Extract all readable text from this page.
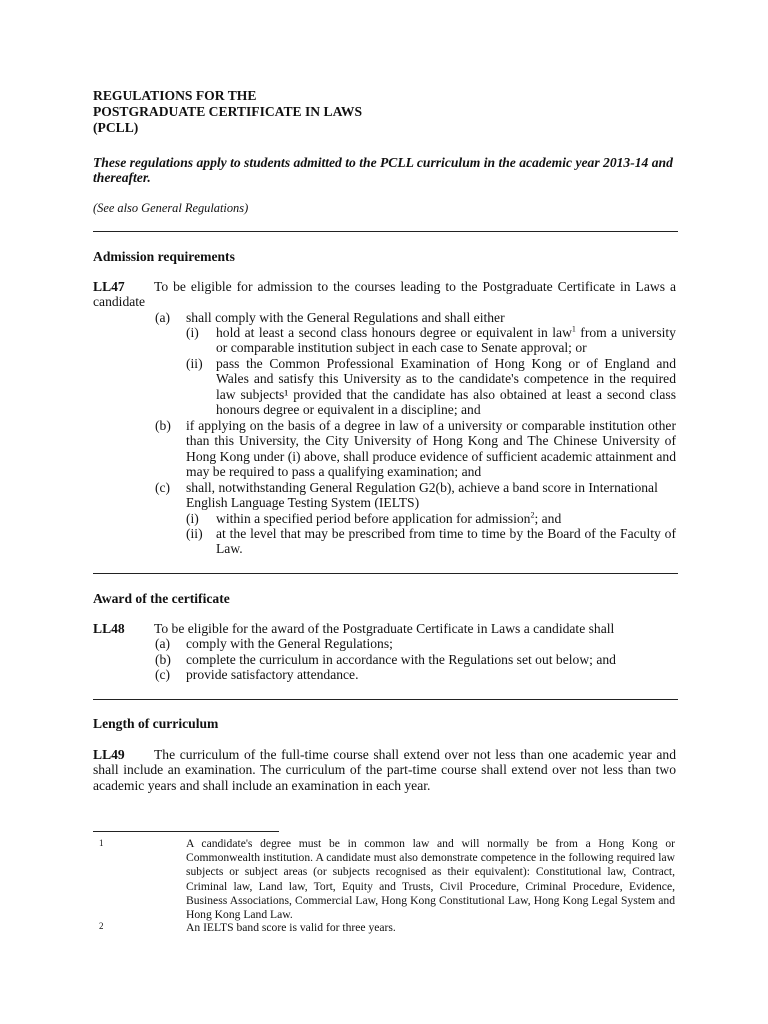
REGULATIONS FOR THE
POSTGRADUATE CERTIFICATE IN LAWS
(PCLL)
These regulations apply to students admitted to the PCLL curriculum in the academic year 2013-14 and thereafter.
(See also General Regulations)
Admission requirements
LL47 To be eligible for admission to the courses leading to the Postgraduate Certificate in Laws a candidate
(a) shall comply with the General Regulations and shall either
(i) hold at least a second class honours degree or equivalent in law$^1$ from a university or comparable institution subject in each case to Senate approval; or
(ii) pass the Common Professional Examination of Hong Kong or of England and Wales and satisfy this University as to the candidate's competence in the required law subjects¹ provided that the candidate has also obtained at least a second class honours degree or equivalent in a discipline; and
(b) if applying on the basis of a degree in law of a university or comparable institution other than this University, the City University of Hong Kong and The Chinese University of Hong Kong under (i) above, shall produce evidence of sufficient academic attainment and may be required to pass a qualifying examination; and
(c) shall, notwithstanding General Regulation G2(b), achieve a band score in International English Language Testing System (IELTS)
(i) within a specified period before application for admission$^2$; and
(ii) at the level that may be prescribed from time to time by the Board of the Faculty of Law.
Award of the certificate
LL48 To be eligible for the award of the Postgraduate Certificate in Laws a candidate shall
(a) comply with the General Regulations;
(b) complete the curriculum in accordance with the Regulations set out below; and
(c) provide satisfactory attendance.
Length of curriculum
LL49 The curriculum of the full-time course shall extend over not less than one academic year and shall include an examination. The curriculum of the part-time course shall extend over not less than two academic years and shall include an examination in each year.
1	A candidate's degree must be in common law and will normally be from a Hong Kong or Commonwealth institution. A candidate must also demonstrate competence in the following required law subjects or subject areas (or subjects recognised as their equivalent): Constitutional law, Contract, Criminal law, Land law, Tort, Equity and Trusts, Civil Procedure, Criminal Procedure, Evidence, Business Associations, Commercial Law, Hong Kong Constitutional Law, Hong Kong Legal System and Hong Kong Land Law.
2	An IELTS band score is valid for three years.
